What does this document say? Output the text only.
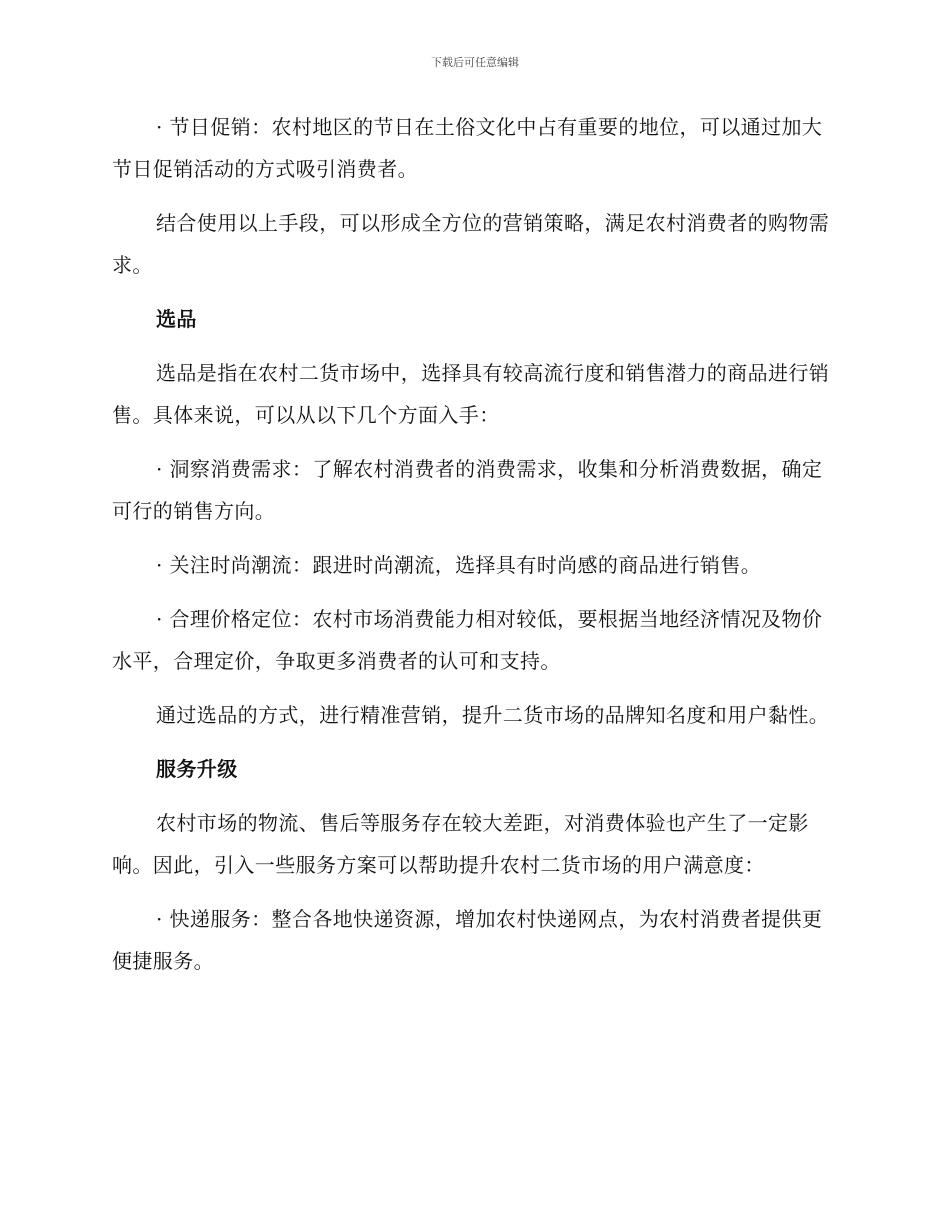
下载后可任意编辑

· 节日促销：农村地区的节日在土俗文化中占有重要的地位，可以通过加大节日促销活动的方式吸引消费者。

结合使用以上手段，可以形成全方位的营销策略，满足农村消费者的购物需求。

选品

选品是指在农村二货市场中，选择具有较高流行度和销售潜力的商品进行销售。具体来说，可以从以下几个方面入手：

· 洞察消费需求：了解农村消费者的消费需求，收集和分析消费数据，确定可行的销售方向。

· 关注时尚潮流：跟进时尚潮流，选择具有时尚感的商品进行销售。

· 合理价格定位：农村市场消费能力相对较低，要根据当地经济情况及物价水平，合理定价，争取更多消费者的认可和支持。

通过选品的方式，进行精准营销，提升二货市场的品牌知名度和用户黏性。

服务升级

农村市场的物流、售后等服务存在较大差距，对消费体验也产生了一定影响。因此，引入一些服务方案可以帮助提升农村二货市场的用户满意度：

· 快递服务：整合各地快递资源，增加农村快递网点，为农村消费者提供更便捷服务。
